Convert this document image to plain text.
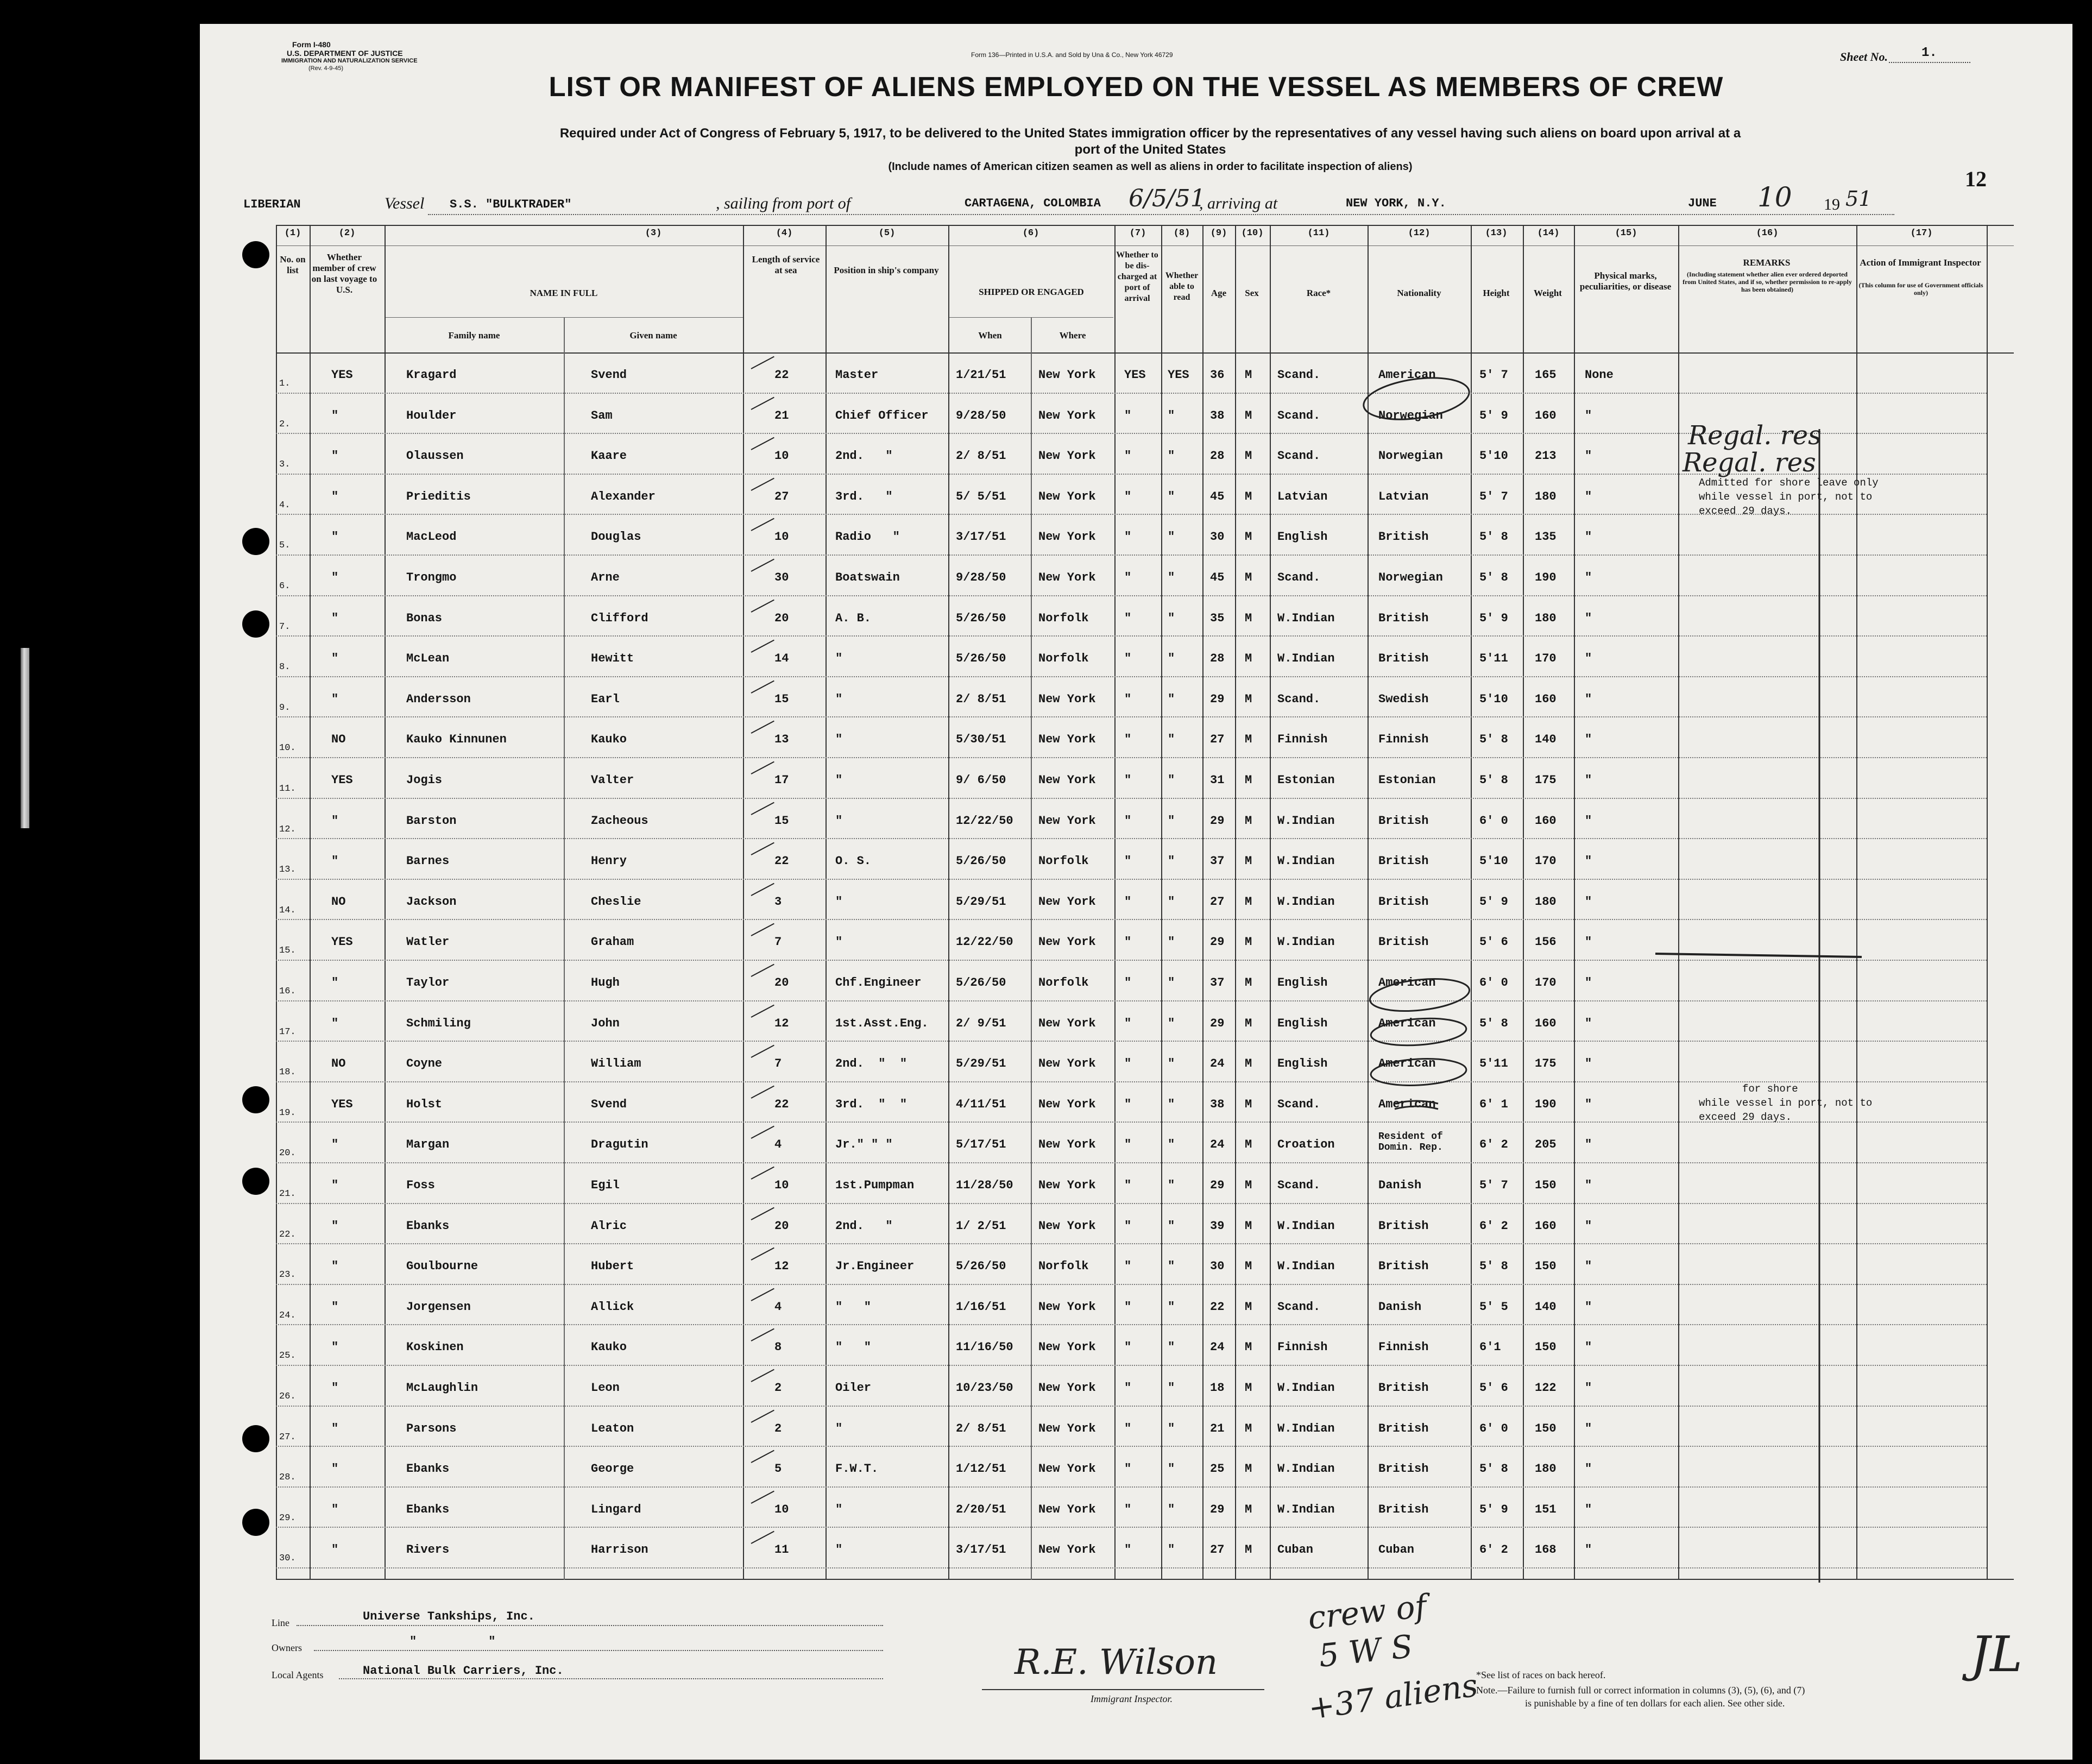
Form I-480
U.S. DEPARTMENT OF JUSTICE
IMMIGRATION AND NATURALIZATION SERVICE
(Rev. 4-9-45)
Form 136—Printed in U.S.A. and Sold by Una & Co., New York 46729	Sheet No.	1.
LIST OR MANIFEST OF ALIENS EMPLOYED ON THE VESSEL AS MEMBERS OF CREW
Required under Act of Congress of February 5, 1917, to be delivered to the United States immigration officer by the representatives of any vessel having such aliens on board upon arrival at a
port of the United States
(Include names of American citizen seamen as well as aliens in order to facilitate inspection of aliens)	12
LIBERIAN	Vessel S.S. "BULKTRADER"	, sailing from port of	CARTAGENA, COLOMBIA 6/5/51
, arriving at	NEW YORK, N.Y.	JUNE 10 19 51
(1)	(2)	(3)	(4)	(5)	(6)	(7)	(8)	(9)	(10)	(11)	(12)	(13)	(14)	(15)	(16)	(17)
No. on list
Whether member of crew on last voyage to U.S.	NAME IN FULL
Family name	Given name
Length of service at sea	Position in ship's company
SHIPPED OR ENGAGED
When	Where
Whether to be dis- charged at port of arrival
Whether able to read	Age	Sex	Race*	Nationality	Height	Weight
Physical marks, peculiarities, or disease
REMARKS
(Including statement whether alien ever ordered deported from United States, and if so, whether permission to re-apply has been obtained)
Action of Immigrant Inspector
(This column for use of Government officials only)
1.
YES	Kragard	Svend	22	Master	1/21/51	New York YES YES 36 M Scand.	American	5' 7 165 None
2.
"	Houlder	Sam	21	Chief Officer 9/28/50	New York "	"	38 M Scand.	Norwegian	5' 9 160 "
3.
"	Olaussen	Kaare	10	2nd.   "	2/ 8/51	New York "	"	28 M Scand.	Norwegian	5'10 213 "
4.
"	Prieditis	Alexander	27	3rd.   "	5/ 5/51	New York "	"	45 M Latvian	Latvian	5' 7 180 "
5.
"	MacLeod	Douglas	10	Radio   "	3/17/51	New York "	"	30 M English	British	5' 8 135 "
6.
"	Trongmo	Arne	30	Boatswain	9/28/50	New York "	"	45 M Scand.	Norwegian	5' 8 190 "
7.
"	Bonas	Clifford	20	A. B.	5/26/50	Norfolk	"	"	35 M W.Indian	British	5' 9 180 "
8.
"	McLean	Hewitt	14	"	5/26/50	Norfolk	"	"	28 M W.Indian	British	5'11 170 "
9.
"	Andersson	Earl	15	"	2/ 8/51	New York "	"	29 M Scand.	Swedish	5'10 160 "
10.
NO	Kauko Kinnunen	Kauko	13	"	5/30/51	New York "	"	27 M Finnish	Finnish	5' 8 140 "
11.
YES	Jogis	Valter	17	"	9/ 6/50	New York "	"	31 M Estonian	Estonian	5' 8 175 "
12.
"	Barston	Zacheous	15	"	12/22/50 New York "	"	29 M W.Indian	British	6' 0 160 "
13.
"	Barnes	Henry	22	O. S.	5/26/50	Norfolk	"	"	37 M W.Indian	British	5'10 170 "
14.
NO	Jackson	Cheslie	3	"	5/29/51	New York "	"	27 M W.Indian	British	5' 9 180 "
15.
YES	Watler	Graham	7	"	12/22/50 New York "	"	29 M W.Indian	British	5' 6 156 "
16.
"	Taylor	Hugh	20	Chf.Engineer	5/26/50	Norfolk	"	"	37 M English	American	6' 0 170 "
17.
"	Schmiling	John	12	1st.Asst.Eng. 2/ 9/51	New York "	"	29 M English	American	5' 8 160 "
18.
NO	Coyne	William	7	2nd.  "  "	5/29/51	New York "	"	24 M English	American	5'11 175 "
19.
YES	Holst	Svend	22	3rd.  "  "	4/11/51	New York "	"	38 M Scand.	American	6' 1 190 "
20.
"	Margan	Dragutin	4	Jr." " "	5/17/51	New York "	"	24 M Croation
Resident of Domin. Rep.	6' 2 205 "
21.
"	Foss	Egil	10	1st.Pumpman	11/28/50 New York "	"	29 M Scand.	Danish	5' 7 150 "
22.
"	Ebanks	Alric	20	2nd.   "	1/ 2/51	New York "	"	39 M W.Indian	British	6' 2 160 "
23.
"	Goulbourne	Hubert	12	Jr.Engineer	5/26/50	Norfolk	"	"	30 M W.Indian	British	5' 8 150 "
24.
"	Jorgensen	Allick	4	"   "	1/16/51	New York "	"	22 M Scand.	Danish	5' 5 140 "
25.
"	Koskinen	Kauko	8	"   "	11/16/50 New York "	"	24 M Finnish	Finnish	6'1	150 "
26.
"	McLaughlin	Leon	2	Oiler	10/23/50 New York "	"	18 M W.Indian	British	5' 6 122 "
27.
"	Parsons	Leaton	2	"	2/ 8/51	New York "	"	21 M W.Indian	British	6' 0 150 "
28.
"	Ebanks	George	5	F.W.T.	1/12/51	New York "	"	25 M W.Indian	British	5' 8 180 "
29.
"	Ebanks	Lingard	10	"	2/20/51	New York "	"	29 M W.Indian	British	5' 9 151 "
30.
"	Rivers	Harrison	11	"	3/17/51	New York "	"	27 M Cuban	Cuban	6' 2 168 "
Regal. res
Regal. res
Admitted for shore leave only
while vessel in port, not to
exceed 29 days.
for shore
while vessel in port, not to
exceed 29 days.
Line	Universe Tankships, Inc.
Owners	"          "
Local Agents	National Bulk Carriers, Inc.	R.E. Wilson
Immigrant Inspector.
crew of
5 W S
+37 aliens
*See list of races on back hereof.
Note.—Failure to furnish full or correct information in columns (3), (5), (6), and (7)
is punishable by a fine of ten dollars for each alien. See other side.
JL
